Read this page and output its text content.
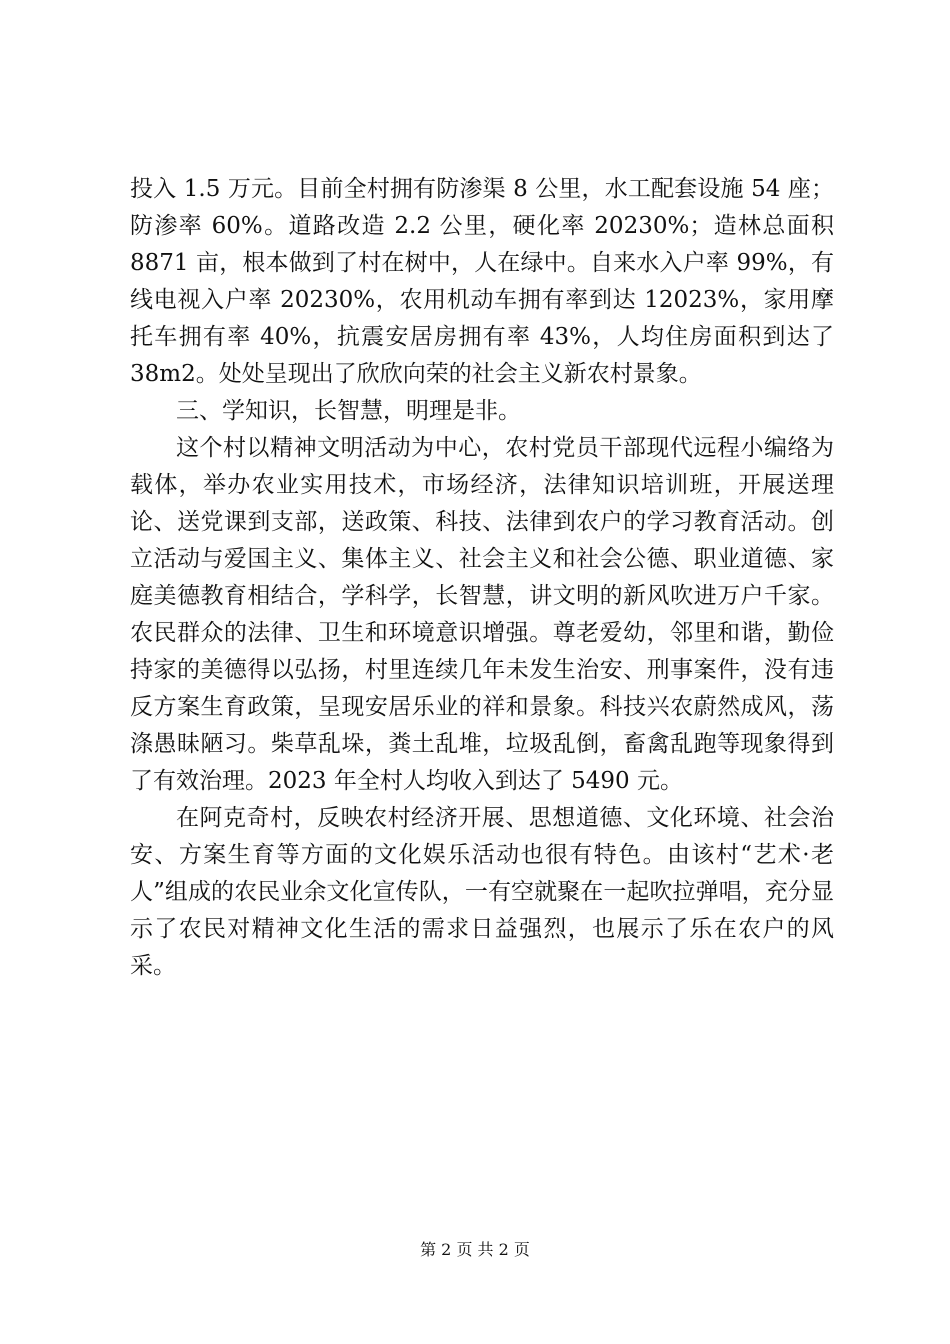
投入 1.5 万元。目前全村拥有防渗渠 8 公里，水工配套设施 54 座；防渗率 60%。道路改造 2.2 公里，硬化率 20230%；造林总面积 8871 亩，根本做到了村在树中，人在绿中。自来水入户率 99%，有线电视入户率 20230%，农用机动车拥有率到达 12023%，家用摩托车拥有率 40%，抗震安居房拥有率 43%，人均住房面积到达了 38m2。处处呈现出了欣欣向荣的社会主义新农村景象。

三、学知识，长智慧，明理是非。

这个村以精神文明活动为中心，农村党员干部现代远程小编络为载体，举办农业实用技术，市场经济，法律知识培训班，开展送理论、送党课到支部，送政策、科技、法律到农户的学习教育活动。创立活动与爱国主义、集体主义、社会主义和社会公德、职业道德、家庭美德教育相结合，学科学，长智慧，讲文明的新风吹进万户千家。农民群众的法律、卫生和环境意识增强。尊老爱幼，邻里和谐，勤俭持家的美德得以弘扬，村里连续几年未发生治安、刑事案件，没有违反方案生育政策，呈现安居乐业的祥和景象。科技兴农蔚然成风，荡涤愚昧陋习。柴草乱垛，粪土乱堆，垃圾乱倒，畜禽乱跑等现象得到了有效治理。2023 年全村人均收入到达了 5490 元。

在阿克奇村，反映农村经济开展、思想道德、文化环境、社会治安、方案生育等方面的文化娱乐活动也很有特色。由该村“艺术·老人”组成的农民业余文化宣传队，一有空就聚在一起吹拉弹唱，充分显示了农民对精神文化生活的需求日益强烈，也展示了乐在农户的风采。

第 2 页 共 2 页
